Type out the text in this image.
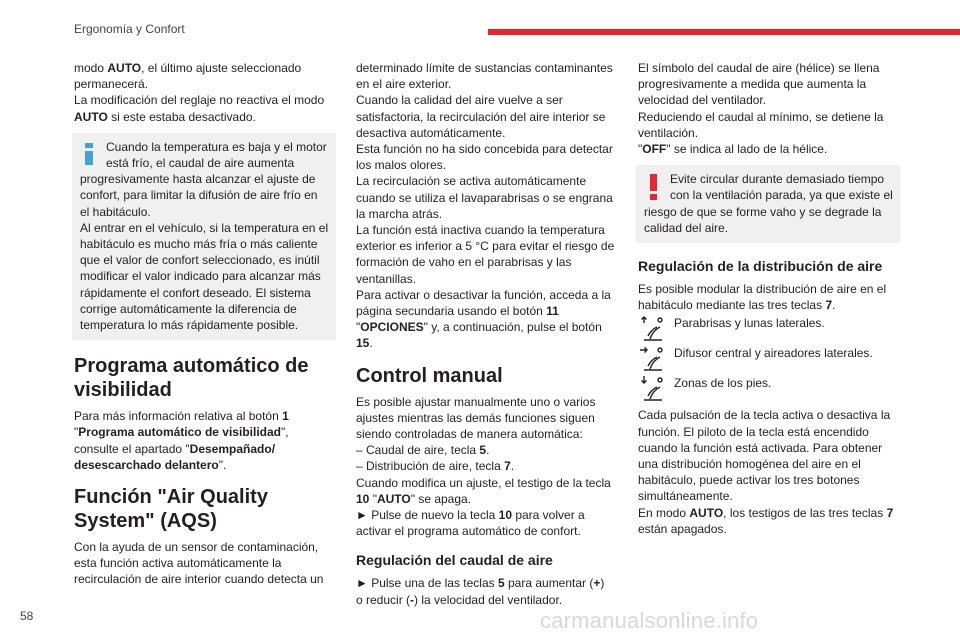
Ergonomía y Confort

modo AUTO, el último ajuste seleccionado permanecerá.

La modificación del reglaje no reactiva el modo AUTO si este estaba desactivado.

Cuando la temperatura es baja y el motor está frío, el caudal de aire aumenta progresivamente hasta alcanzar el ajuste de confort, para limitar la difusión de aire frío en el habitáculo.

Al entrar en el vehículo, si la temperatura en el habitáculo es mucho más fría o más caliente que el valor de confort seleccionado, es inútil modificar el valor indicado para alcanzar más rápidamente el confort deseado. El sistema corrige automáticamente la diferencia de temperatura lo más rápidamente posible.

Programa automático de visibilidad

Para más información relativa al botón 1
"Programa automático de visibilidad",
consulte el apartado "Desempañado/ desescarchado delantero".

Función "Air Quality System" (AQS)

Con la ayuda de un sensor de contaminación, esta función activa automáticamente la recirculación de aire interior cuando detecta un

determinado límite de sustancias contaminantes en el aire exterior.

Cuando la calidad del aire vuelve a ser satisfactoria, la recirculación del aire interior se desactiva automáticamente.

Esta función no ha sido concebida para detectar los malos olores.

La recirculación se activa automáticamente cuando se utiliza el lavaparabrisas o se engrana la marcha atrás.

La función está inactiva cuando la temperatura exterior es inferior a 5 °C para evitar el riesgo de formación de vaho en el parabrisas y las ventanillas.

Para activar o desactivar la función, acceda a la página secundaria usando el botón 11
"OPCIONES" y, a continuación, pulse el botón 15.

Control manual

Es posible ajustar manualmente uno o varios ajustes mientras las demás funciones siguen siendo controladas de manera automática:

– Caudal de aire, tecla 5.

– Distribución de aire, tecla 7.

Cuando modifica un ajuste, el testigo de la tecla 10 "AUTO" se apaga.

► Pulse de nuevo la tecla 10 para volver a activar el programa automático de confort.

Regulación del caudal de aire

► Pulse una de las teclas 5 para aumentar (+)
o reducir (-) la velocidad del ventilador.

El símbolo del caudal de aire (hélice) se llena progresivamente a medida que aumenta la velocidad del ventilador.

Reduciendo el caudal al mínimo, se detiene la ventilación.

"OFF" se indica al lado de la hélice.

Evite circular durante demasiado tiempo con la ventilación parada, ya que existe el riesgo de que se forme vaho y se degrade la calidad del aire.

Regulación de la distribución de aire

Es posible modular la distribución de aire en el habitáculo mediante las tres teclas 7.

Parabrisas y lunas laterales.
Difusor central y aireadores laterales.
Zonas de los pies.

Cada pulsación de la tecla activa o desactiva la función. El piloto de la tecla está encendido cuando la función está activada. Para obtener una distribución homogénea del aire en el habitáculo, puede activar los tres botones simultáneamente.

En modo AUTO, los testigos de las tres teclas 7
están apagados.

58	carmanualsonline.info
